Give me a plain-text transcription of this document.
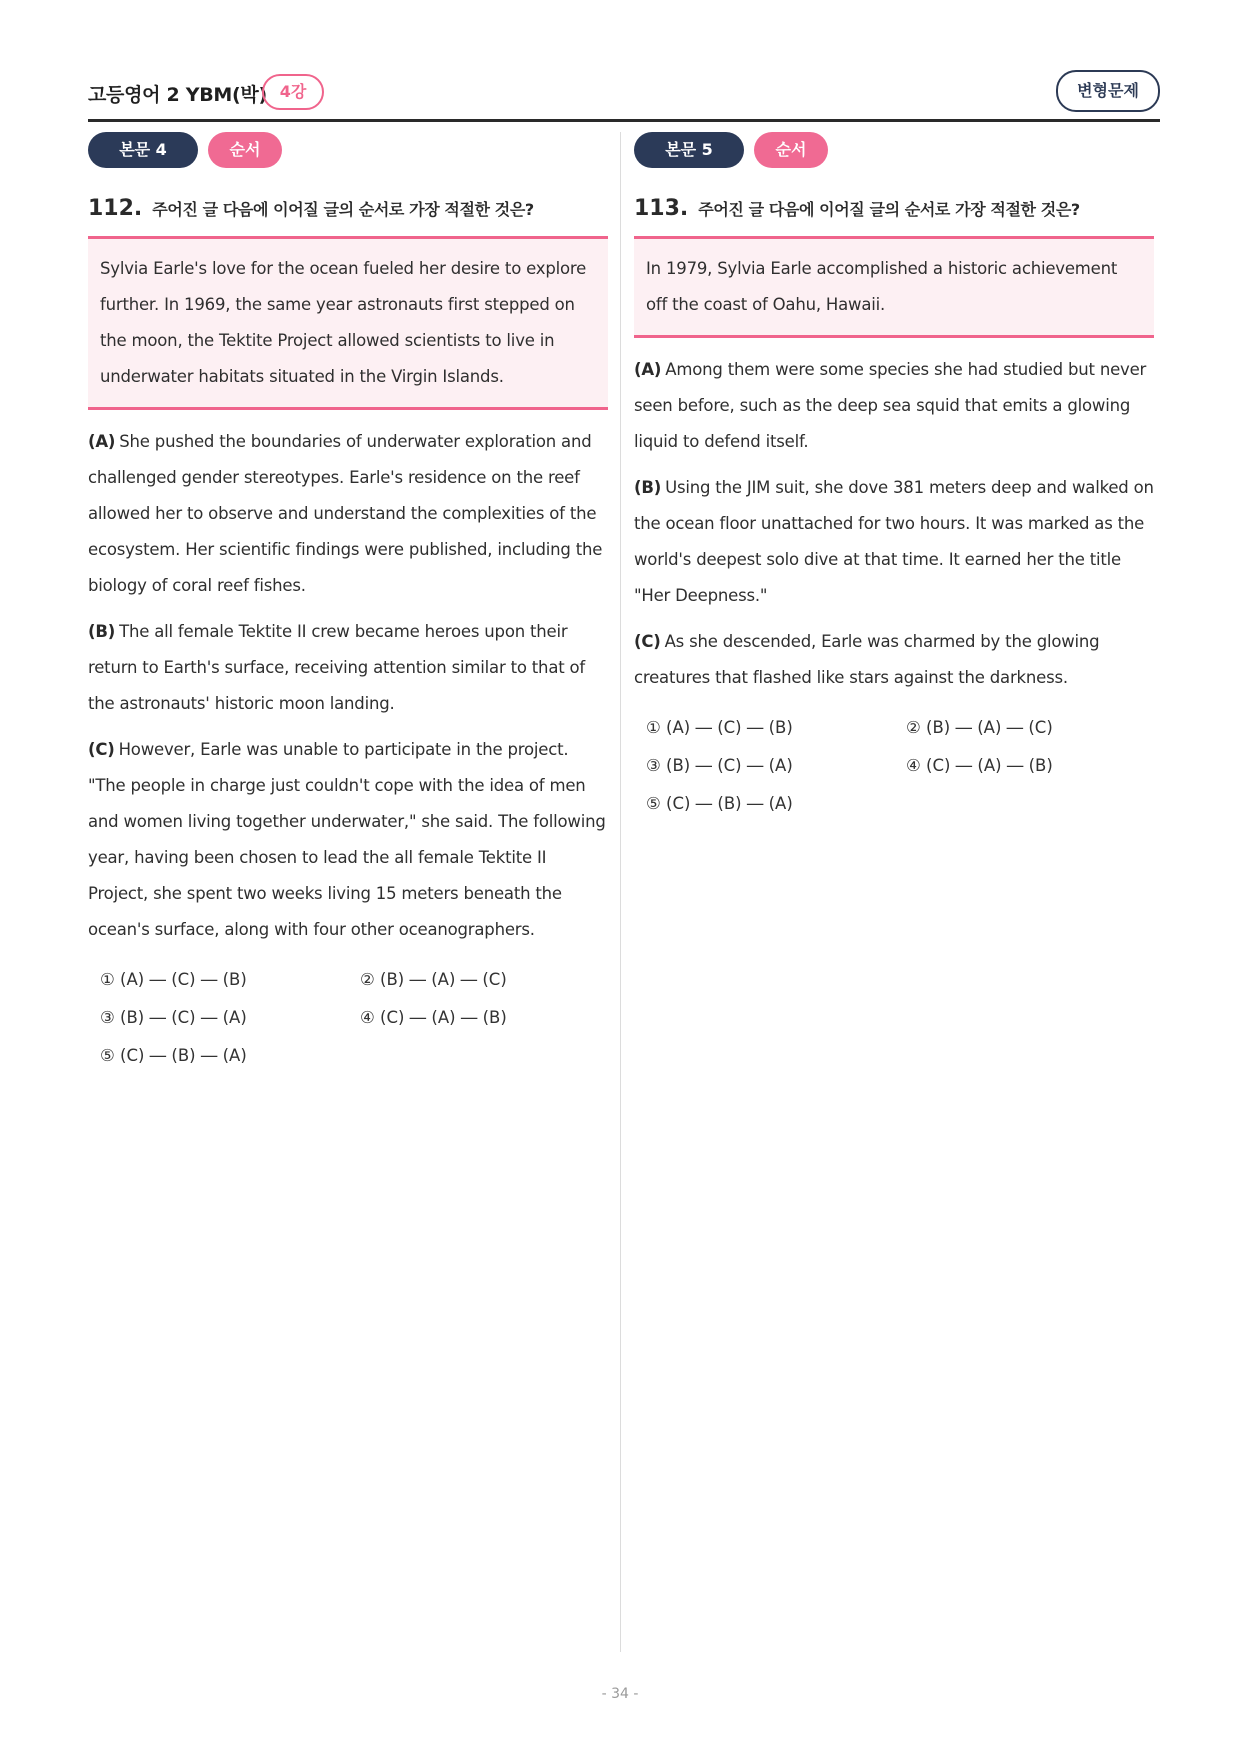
고등영어 2 YBM(박) 4강	변형문제
본문 4	순서
112. 주어진 글 다음에 이어질 글의 순서로 가장 적절한 것은?

Sylvia Earle's love for the ocean fueled her desire to explore further. In 1969, the same year astronauts first stepped on the moon, the Tektite Project allowed scientists to live in underwater habitats situated in the Virgin Islands.

(A) She pushed the boundaries of underwater exploration and challenged gender stereotypes. Earle's residence on the reef allowed her to observe and understand the complexities of the ecosystem. Her scientific findings were published, including the biology of coral reef fishes.

(B) The all female Tektite II crew became heroes upon their return to Earth's surface, receiving attention similar to that of the astronauts' historic moon landing.

(C) However, Earle was unable to participate in the project. "The people in charge just couldn't cope with the idea of men and women living together underwater," she said. The following year, having been chosen to lead the all female Tektite II Project, she spent two weeks living 15 meters beneath the ocean's surface, along with four other oceanographers.

① (A) ― (C) ― (B)	② (B) ― (A) ― (C)
③ (B) ― (C) ― (A)	④ (C) ― (A) ― (B)
⑤ (C) ― (B) ― (A)
본문 5	순서
113. 주어진 글 다음에 이어질 글의 순서로 가장 적절한 것은?

In 1979, Sylvia Earle accomplished a historic achievement off the coast of Oahu, Hawaii.

(A) Among them were some species she had studied but never seen before, such as the deep sea squid that emits a glowing liquid to defend itself.

(B) Using the JIM suit, she dove 381 meters deep and walked on the ocean floor unattached for two hours. It was marked as the world's deepest solo dive at that time. It earned her the title "Her Deepness."

(C) As she descended, Earle was charmed by the glowing creatures that flashed like stars against the darkness.

① (A) ― (C) ― (B)	② (B) ― (A) ― (C)
③ (B) ― (C) ― (A)	④ (C) ― (A) ― (B)
⑤ (C) ― (B) ― (A)
- 34 -
